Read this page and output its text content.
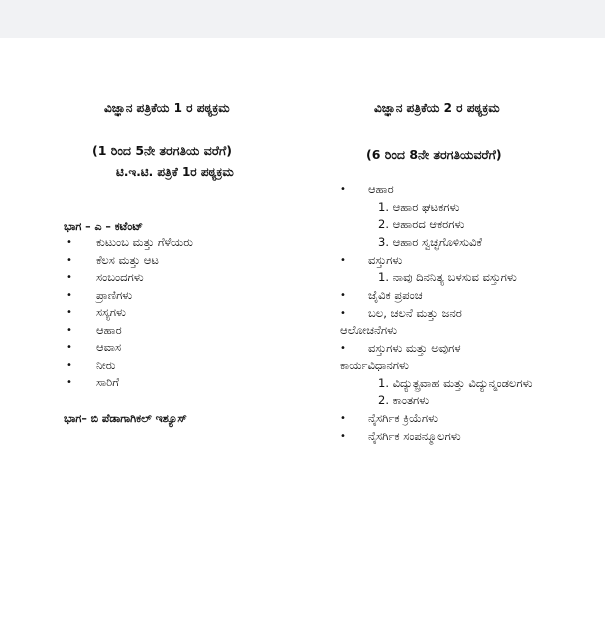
ವಿಜ್ಞಾನ ಪತ್ರಿಕೆಯ 1 ರ ಪಠ್ಯಕ್ರಮ
(1 ರಿಂದ 5ನೇ ತರಗತಿಯ ವರೆಗೆ)
ಟಿ.ಇ.ಟಿ. ಪತ್ರಿಕೆ 1ರ ಪಠ್ಯಕ್ರಮ
ಭಾಗ – ಎ – ಕಟೆಂಟ್
• ಕುಟುಂಬ ಮತ್ತು ಗೆಳೆಯರು
• ಕೆಲಸ ಮತ್ತು ಆಟ
• ಸಂಬಂದಗಳು
• ಪ್ರಾಣಿಗಳು
• ಸಸ್ಯಗಳು
• ಆಹಾರ
• ಆವಾಸ
• ನೀರು
• ಸಾರಿಗೆ
ಭಾಗ– ಬಿ ಪೆಡಾಗಾಗಿಕಲ್ ಇಶ್ಯೂಸ್
ವಿಜ್ಞಾನ ಪತ್ರಿಕೆಯ 2 ರ ಪಠ್ಯಕ್ರಮ
(6 ರಿಂದ 8ನೇ ತರಗತಿಯವರೆಗೆ)
• ಆಹಾರ
1. ಆಹಾರ ಘಟಕಗಳು
2. ಆಹಾರದ ಆಕರಗಳು
3. ಆಹಾರ ಸ್ವಚ್ಛಗೊಳಿಸುವಿಕೆ
• ವಸ್ತುಗಳು
1. ನಾವು ದಿನನಿತ್ಯ ಬಳಸುವ ವಸ್ತುಗಳು
• ಜೈವಿಕ ಪ್ರಪಂಚ
• ಬಲ, ಚಲನೆ ಮತ್ತು ಜನರ
ಆಲೋಚನೆಗಳು
• ವಸ್ತುಗಳು ಮತ್ತು ಅವುಗಳ
ಕಾರ್ಯವಿಧಾನಗಳು
1. ವಿದ್ಯುತ್ಪ್ರವಾಹ ಮತ್ತು ವಿದ್ಯುನ್ಮಂಡಲಗಳು
2. ಕಾಂತಗಳು
• ನೈಸರ್ಗಿಕ ಕ್ರಿಯೆಗಳು
• ನೈಸರ್ಗಿಕ ಸಂಪನ್ಮೂಲಗಳು
